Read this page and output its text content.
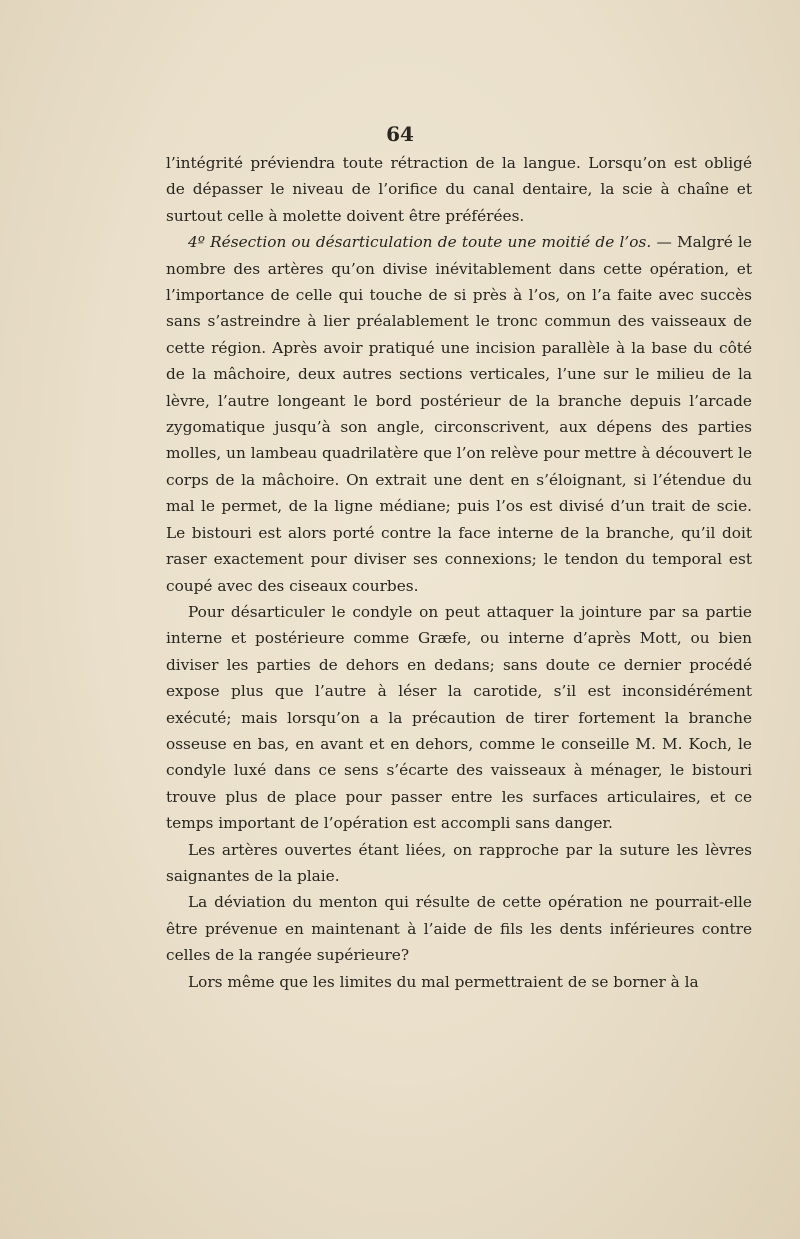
64

l’intégrité préviendra toute rétraction de la langue. Lorsqu’on est obligé de dépasser le niveau de l’orifice du canal dentaire, la scie à chaîne et surtout celle à molette doivent être préférées.

4º Résection ou désarticulation de toute une moitié de l’os. — Malgré le nombre des artères qu’on divise inévitablement dans cette opération, et l’importance de celle qui touche de si près à l’os, on l’a faite avec succès sans s’astreindre à lier préalablement le tronc commun des vaisseaux de cette région. Après avoir pratiqué une incision parallèle à la base du côté de la mâchoire, deux autres sections verticales, l’une sur le milieu de la lèvre, l’autre longeant le bord postérieur de la branche depuis l’arcade zygomatique jusqu’à son angle, circonscrivent, aux dépens des parties molles, un lambeau quadrilatère que l’on relève pour mettre à découvert le corps de la mâchoire. On extrait une dent en s’éloignant, si l’étendue du mal le permet, de la ligne médiane; puis l’os est divisé d’un trait de scie. Le bistouri est alors porté contre la face interne de la branche, qu’il doit raser exactement pour diviser ses connexions; le tendon du temporal est coupé avec des ciseaux courbes.

Pour désarticuler le condyle on peut attaquer la jointure par sa partie interne et postérieure comme Græfe, ou interne d’après Mott, ou bien diviser les parties de dehors en dedans; sans doute ce dernier procédé expose plus que l’autre à léser la carotide, s’il est inconsidérément exécuté; mais lorsqu’on a la précaution de tirer fortement la branche osseuse en bas, en avant et en dehors, comme le conseille M. M. Koch, le condyle luxé dans ce sens s’écarte des vaisseaux à ménager, le bistouri trouve plus de place pour passer entre les surfaces articulaires, et ce temps important de l’opération est accompli sans danger.

Les artères ouvertes étant liées, on rapproche par la suture les lèvres saignantes de la plaie.

La déviation du menton qui résulte de cette opération ne pourrait-elle être prévenue en maintenant à l’aide de fils les dents inférieures contre celles de la rangée supérieure?

Lors même que les limites du mal permettraient de se borner à la
